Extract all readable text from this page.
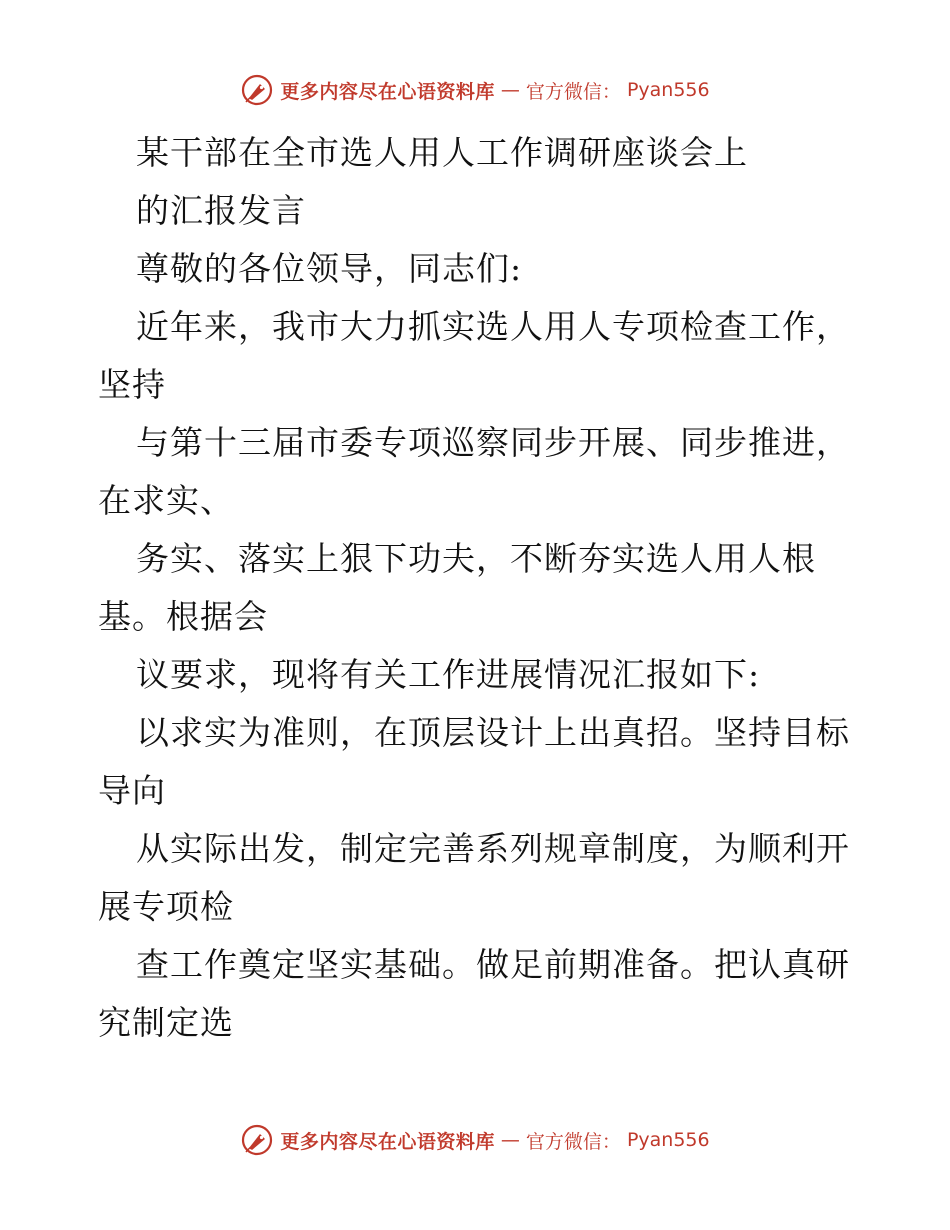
更多内容尽在心语资料库 — 官方微信： Pyan556
某干部在全市选人用人工作调研座谈会上
的汇报发言
尊敬的各位领导，同志们:
近年来，我市大力抓实选人用人专项检查工作，
坚持
与第十三届市委专项巡察同步开展、同步推进，
在求实、
务实、落实上狠下功夫，不断夯实选人用人根
基。根据会
议要求，现将有关工作进展情况汇报如下:
以求实为准则，在顶层设计上出真招。坚持目标
导向
从实际出发，制定完善系列规章制度，为顺利开
展专项检
查工作奠定坚实基础。做足前期准备。把认真研
究制定选
更多内容尽在心语资料库 — 官方微信： Pyan556
